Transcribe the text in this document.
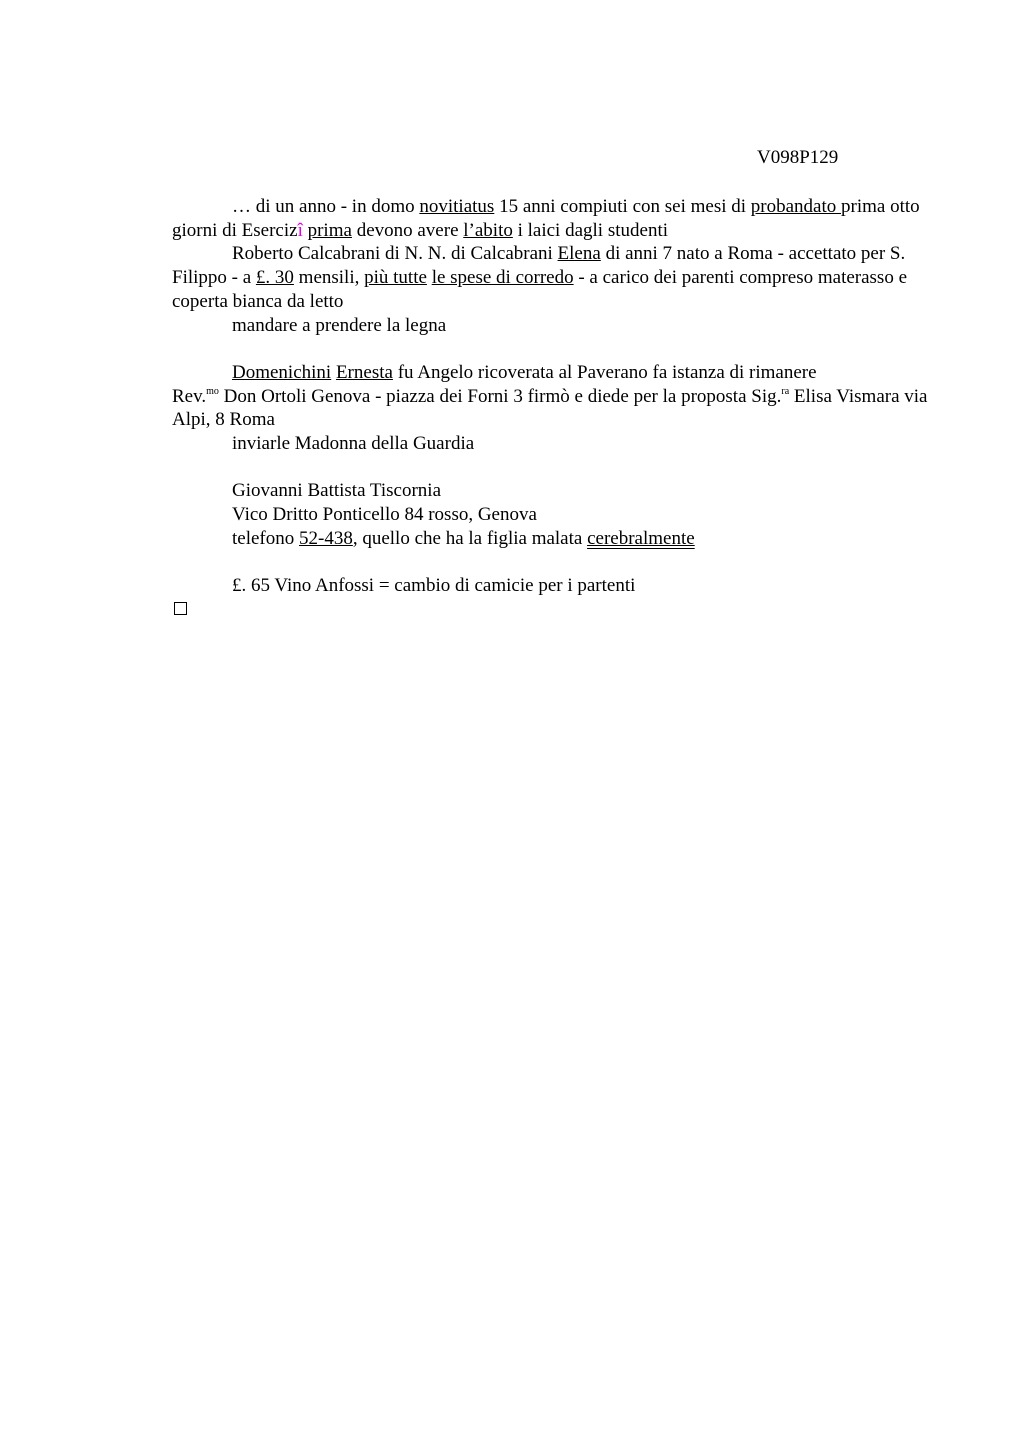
V098P129

… di un anno - in domo novitiatus 15 anni compiuti con sei mesi di probandato prima otto giorni di Esercizî prima devono avere l’abito i laici dagli studenti

Roberto Calcabrani di N. N. di Calcabrani Elena di anni 7 nato a Roma - accettato per S. Filippo - a £. 30 mensili, più tutte le spese di corredo - a carico dei parenti compreso materasso e coperta bianca da letto

mandare a prendere la legna

Domenichini Ernesta fu Angelo ricoverata al Paverano fa istanza di rimanere

Rev.$^{mo}$ Don Ortoli Genova - piazza dei Forni 3 firmò e diede per la proposta Sig.$^{ra}$ Elisa Vismara via Alpi, 8 Roma

inviarle Madonna della Guardia

Giovanni Battista Tiscornia

Vico Dritto Ponticello 84 rosso, Genova

telefono 52-438, quello che ha la figlia malata cerebralmente

£. 65 Vino Anfossi = cambio di camicie per i partenti
